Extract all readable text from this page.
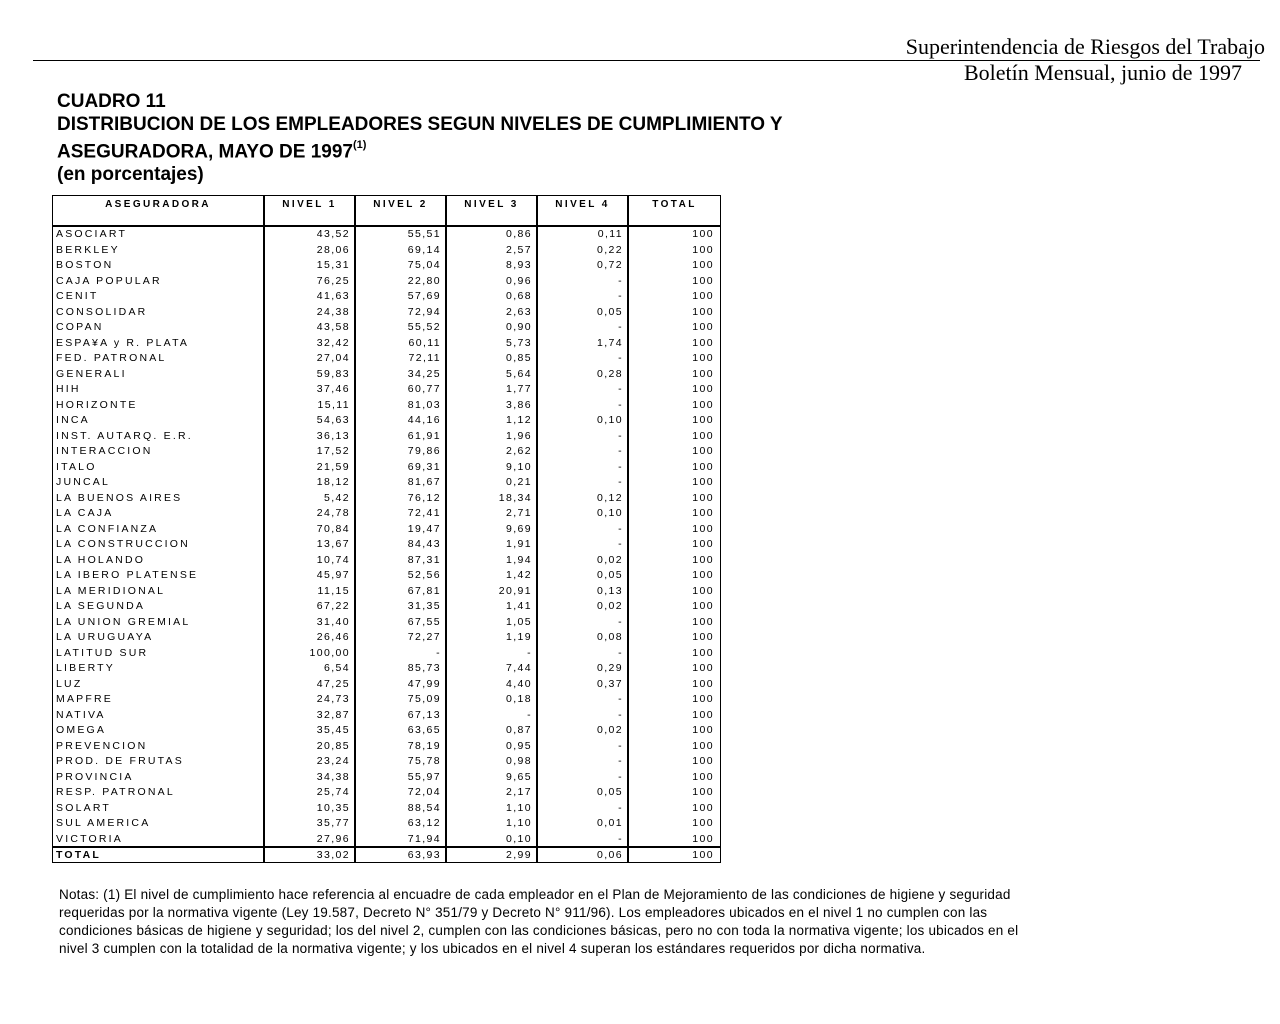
Superintendencia de Riesgos del Trabajo
Boletín Mensual, junio de 1997
CUADRO 11
DISTRIBUCION DE LOS EMPLEADORES SEGUN NIVELES DE CUMPLIMIENTO Y
ASEGURADORA, MAYO DE 1997$^{(1)}$
(en porcentajes)
ASEGURADORA	NIVEL 1	NIVEL 2	NIVEL 3	NIVEL 4	TOTAL
ASOCIART	43,52	55,51	0,86	0,11	100
BERKLEY	28,06	69,14	2,57	0,22	100
BOSTON	15,31	75,04	8,93	0,72	100
CAJA POPULAR	76,25	22,80	0,96	-	100
CENIT	41,63	57,69	0,68	-	100
CONSOLIDAR	24,38	72,94	2,63	0,05	100
COPAN	43,58	55,52	0,90	-	100
ESPA¥A y R. PLATA	32,42	60,11	5,73	1,74	100
FED. PATRONAL	27,04	72,11	0,85	-	100
GENERALI	59,83	34,25	5,64	0,28	100
HIH	37,46	60,77	1,77	-	100
HORIZONTE	15,11	81,03	3,86	-	100
INCA	54,63	44,16	1,12	0,10	100
INST. AUTARQ. E.R.	36,13	61,91	1,96	-	100
INTERACCION	17,52	79,86	2,62	-	100
ITALO	21,59	69,31	9,10	-	100
JUNCAL	18,12	81,67	0,21	-	100
LA BUENOS AIRES	5,42	76,12	18,34	0,12	100
LA CAJA	24,78	72,41	2,71	0,10	100
LA CONFIANZA	70,84	19,47	9,69	-	100
LA CONSTRUCCION	13,67	84,43	1,91	-	100
LA HOLANDO	10,74	87,31	1,94	0,02	100
LA IBERO PLATENSE	45,97	52,56	1,42	0,05	100
LA MERIDIONAL	11,15	67,81	20,91	0,13	100
LA SEGUNDA	67,22	31,35	1,41	0,02	100
LA UNION GREMIAL	31,40	67,55	1,05	-	100
LA URUGUAYA	26,46	72,27	1,19	0,08	100
LATITUD SUR	100,00	-	-	-	100
LIBERTY	6,54	85,73	7,44	0,29	100
LUZ	47,25	47,99	4,40	0,37	100
MAPFRE	24,73	75,09	0,18	-	100
NATIVA	32,87	67,13	-	-	100
OMEGA	35,45	63,65	0,87	0,02	100
PREVENCION	20,85	78,19	0,95	-	100
PROD. DE FRUTAS	23,24	75,78	0,98	-	100
PROVINCIA	34,38	55,97	9,65	-	100
RESP. PATRONAL	25,74	72,04	2,17	0,05	100
SOLART	10,35	88,54	1,10	-	100
SUL AMERICA	35,77	63,12	1,10	0,01	100
VICTORIA	27,96	71,94	0,10	-	100
TOTAL	33,02	63,93	2,99	0,06	100
Notas: (1) El nivel de cumplimiento hace referencia al encuadre de cada empleador en el Plan de Mejoramiento de las condiciones de higiene y seguridad requeridas por la normativa vigente (Ley 19.587, Decreto N° 351/79 y Decreto N° 911/96). Los empleadores ubicados en el nivel 1 no cumplen con las condiciones básicas de higiene y seguridad; los del nivel 2, cumplen con las condiciones básicas, pero no con toda la normativa vigente; los ubicados en el nivel 3 cumplen con la totalidad de la normativa vigente; y los ubicados en el nivel 4 superan los estándares requeridos por dicha normativa.
